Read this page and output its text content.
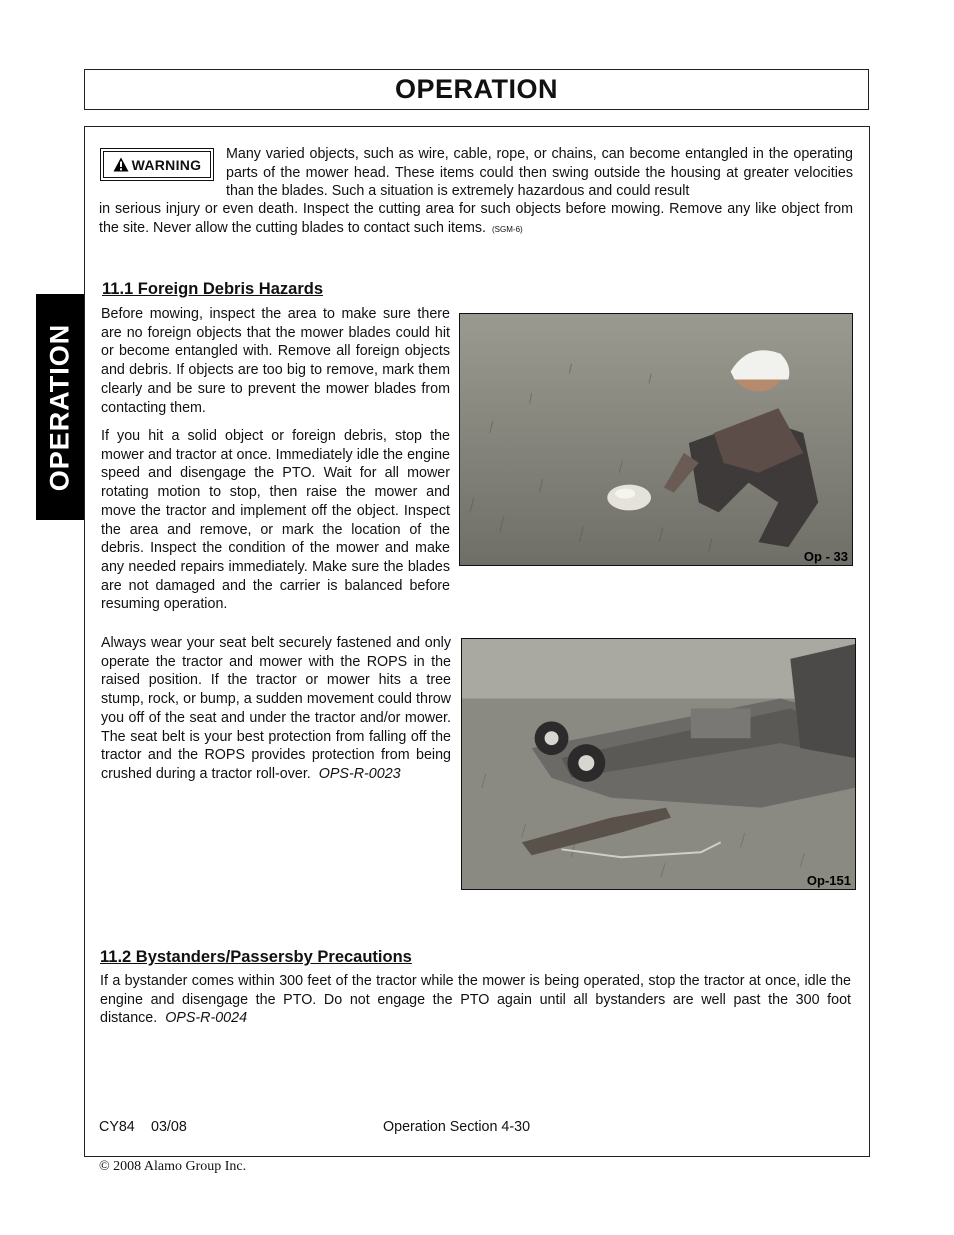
OPERATION
OPERATION
WARNING
Many varied objects, such as wire, cable, rope, or chains, can become entangled in the operating parts of the mower head. These items could then swing outside the housing at greater velocities than the blades. Such a situation is extremely hazardous and could result
in serious injury or even death. Inspect the cutting area for such objects before mowing. Remove any like object from the site. Never allow the cutting blades to contact such items. (SGM-6)
11.1 Foreign Debris Hazards
Before mowing, inspect the area to make sure there are no foreign objects that the mower blades could hit or become entangled with. Remove all foreign objects and debris. If objects are too big to remove, mark them clearly and be sure to prevent the mower blades from contacting them.
If you hit a solid object or foreign debris, stop the mower and tractor at once. Immediately idle the engine speed and disengage the PTO. Wait for all mower rotating motion to stop, then raise the mower and move the tractor and implement off the object. Inspect the area and remove, or mark the location of the debris. Inspect the condition of the mower and make any needed repairs immediately. Make sure the blades are not damaged and the carrier is balanced before resuming operation.
Always wear your seat belt securely fastened and only operate the tractor and mower with the ROPS in the raised position. If the tractor or mower hits a tree stump, rock, or bump, a sudden movement could throw you off of the seat and under the tractor and/or mower. The seat belt is your best protection from falling off the tractor and the ROPS provides protection from being crushed during a tractor roll-over. OPS-R-0023
Op - 33
Op-151
11.2 Bystanders/Passersby Precautions
If a bystander comes within 300 feet of the tractor while the mower is being operated, stop the tractor at once, idle the engine and disengage the PTO. Do not engage the PTO again until all bystanders are well past the 300 foot distance. OPS-R-0024
CY84 03/08	Operation Section 4-30
© 2008 Alamo Group Inc.
